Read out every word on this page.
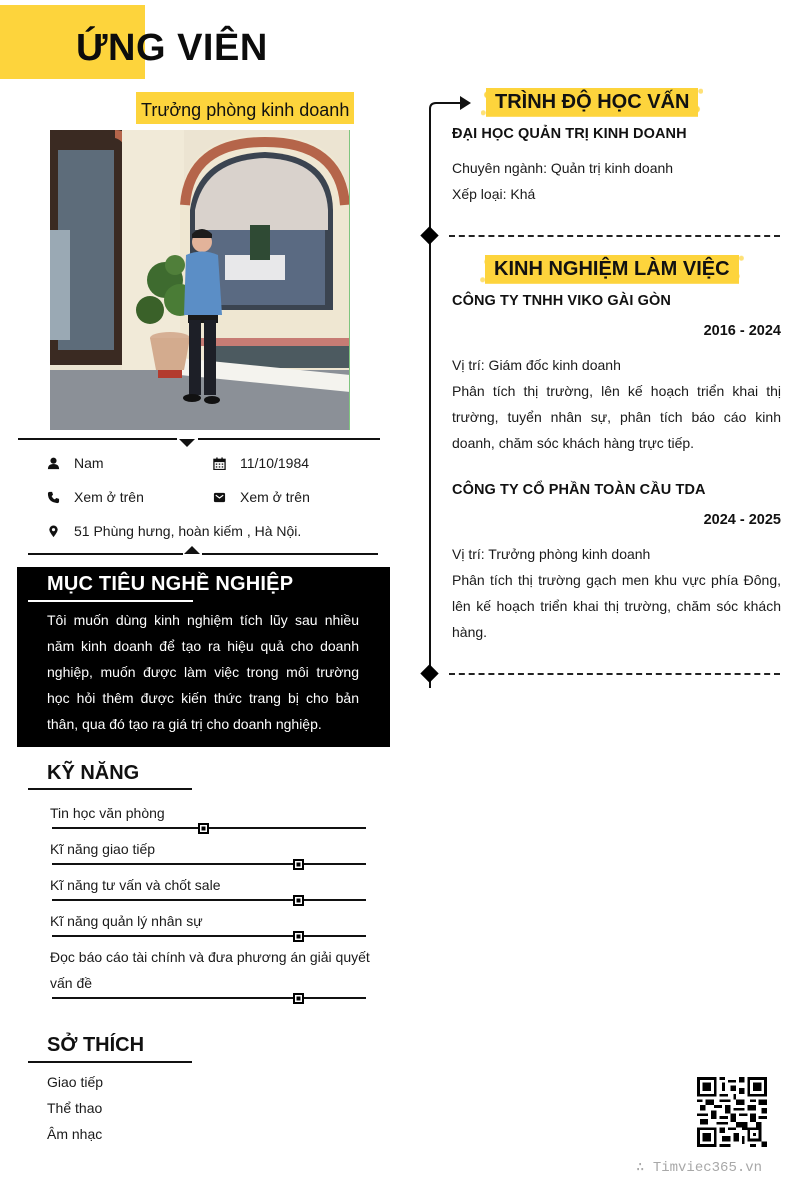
ỨNG VIÊN
Trưởng phòng kinh doanh
Nam	11/10/1984
Xem ở trên	Xem ở trên
51 Phùng hưng, hoàn kiếm , Hà Nội.
MỤC TIÊU NGHỀ NGHIỆP
Tôi muốn dùng kinh nghiệm tích lũy sau nhiều năm kinh doanh để tạo ra hiệu quả cho doanh nghiệp, muốn được làm việc trong môi trường học hỏi thêm được kiến thức trang bị cho bản thân, qua đó tạo ra giá trị cho doanh nghiệp.
KỸ NĂNG
Tin học văn phòng
Kĩ năng giao tiếp
Kĩ năng tư vấn và chốt sale
Kĩ năng quản lý nhân sự
Đọc báo cáo tài chính và đưa phương án giải quyết vấn đề
SỞ THÍCH
Giao tiếp
Thể thao
Âm nhạc
TRÌNH ĐỘ HỌC VẤN
ĐẠI HỌC QUẢN TRỊ KINH DOANH
Chuyên ngành: Quản trị kinh doanh
Xếp loại: Khá
KINH NGHIỆM LÀM VIỆC
CÔNG TY TNHH VIKO GÀI GÒN
2016 - 2024
Vị trí: Giám đốc kinh doanh
Phân tích thị trường, lên kế hoạch triển khai thị trường, tuyển nhân sự, phân tích báo cáo kinh doanh, chăm sóc khách hàng trực tiếp.
CÔNG TY CỔ PHẦN TOÀN CẦU TDA
2024 - 2025
Vị trí: Trưởng phòng kinh doanh
Phân tích thị trường gạch men khu vực phía Đông, lên kế hoạch triển khai thị trường, chăm sóc khách hàng.
∴ Timviec365.vn
